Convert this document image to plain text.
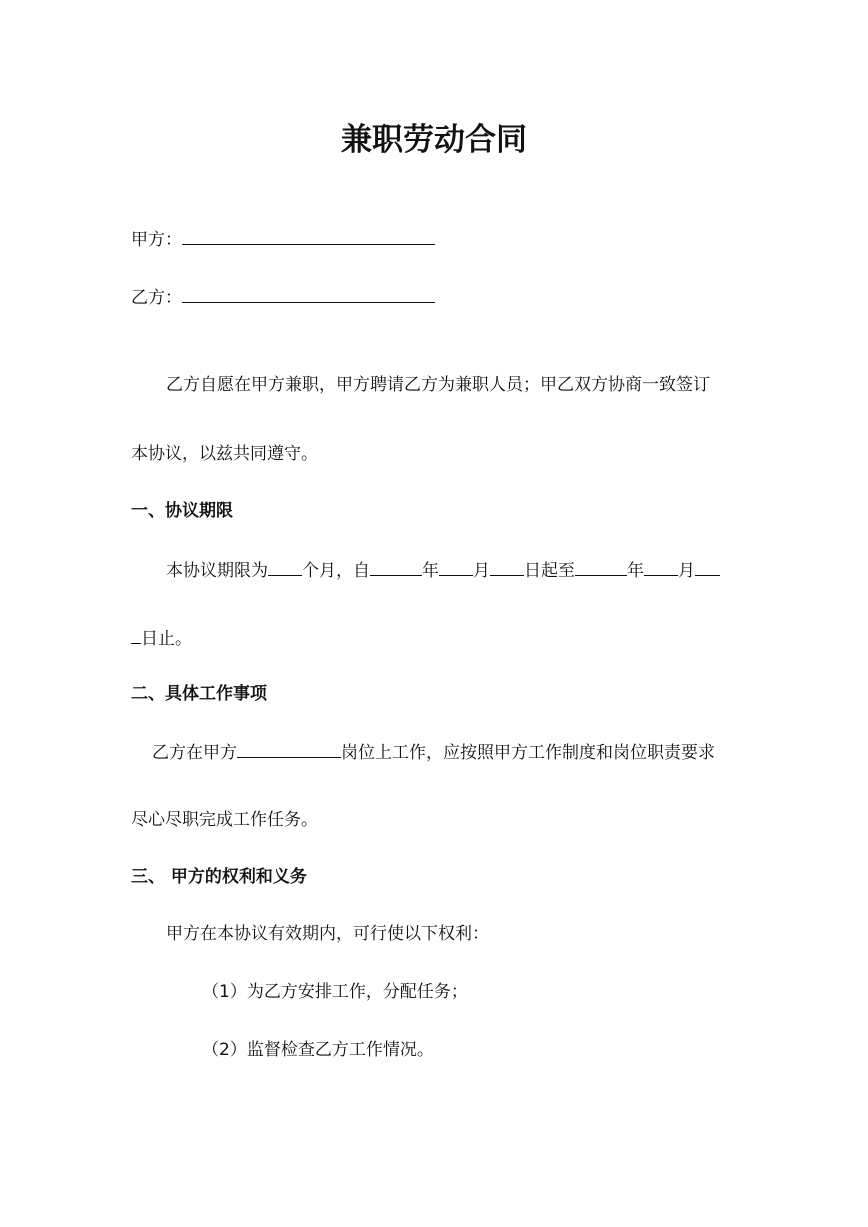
兼职劳动合同
甲方：
乙方：
乙方自愿在甲方兼职，甲方聘请乙方为兼职人员；甲乙双方协商一致签订
本协议，以兹共同遵守。
一、协议期限
本协议期限为 个月，自	年 月 日起至	年 月
日止。
二、具体工作事项
乙方在甲方	岗位上工作，应按照甲方工作制度和岗位职责要求
尽心尽职完成工作任务。
三、 甲方的权利和义务
甲方在本协议有效期内，可行使以下权利：
（1）为乙方安排工作，分配任务；
（2）监督检查乙方工作情况。
